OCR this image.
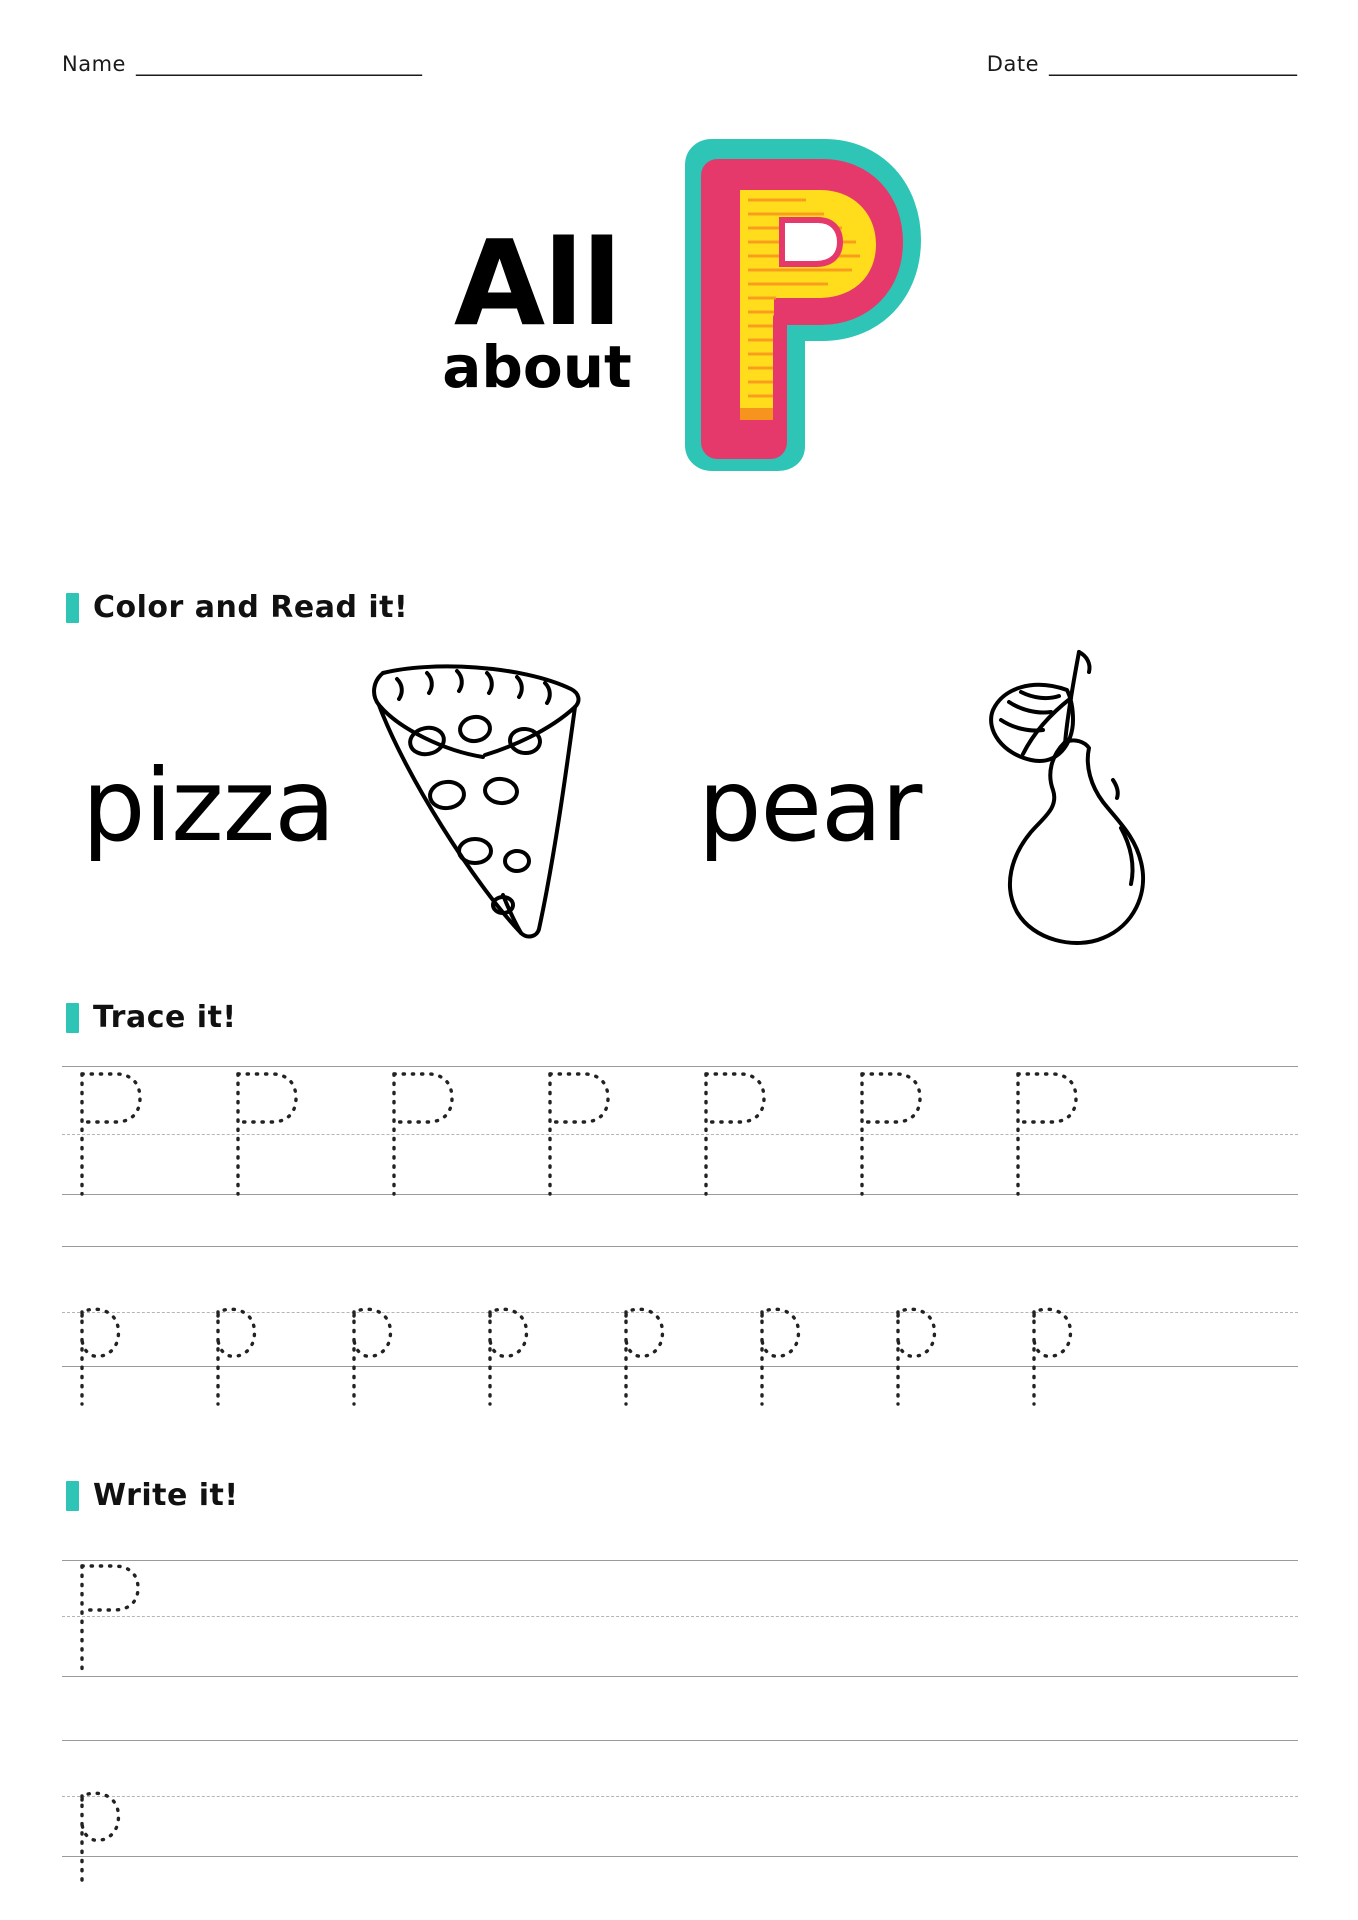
Name ______________________________	Date __________________________
All
about
Color and Read it!
pizza	pear
Trace it!
Write it!
